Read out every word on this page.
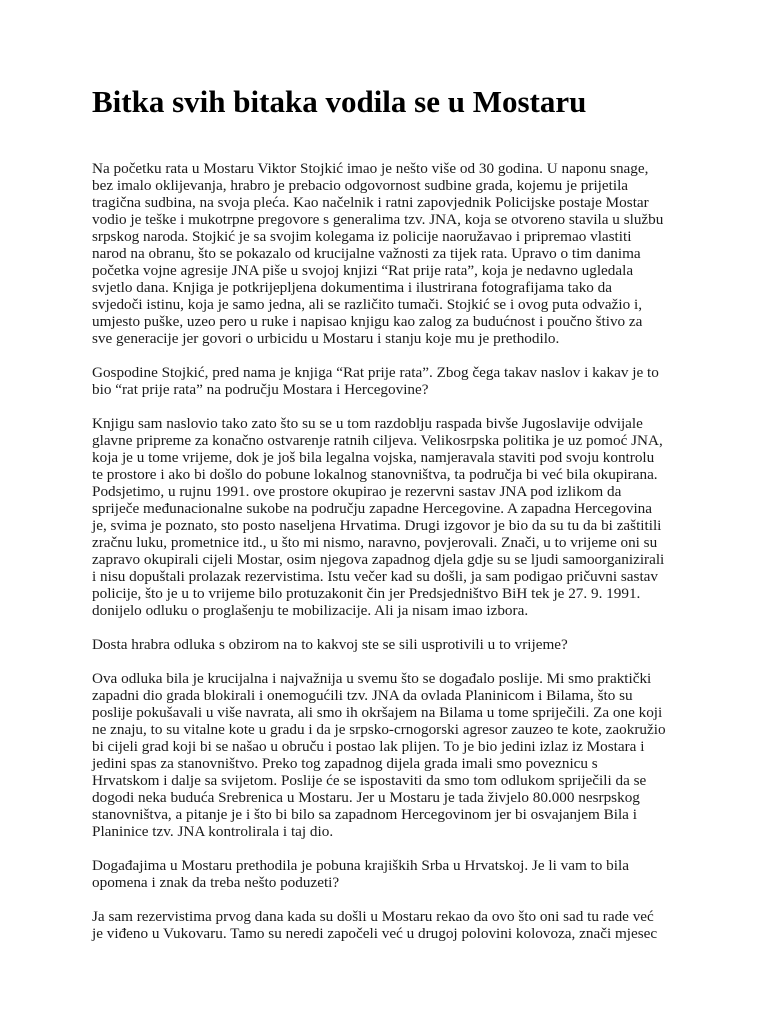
Bitka svih bitaka vodila se u Mostaru

Na početku rata u Mostaru Viktor Stojkić imao je nešto više od 30 godina. U naponu snage,
bez imalo oklijevanja, hrabro je prebacio odgovornost sudbine grada, kojemu je prijetila
tragična sudbina, na svoja pleća. Kao načelnik i ratni zapovjednik Policijske postaje Mostar
vodio je teške i mukotrpne pregovore s generalima tzv. JNA, koja se otvoreno stavila u službu
srpskog naroda. Stojkić je sa svojim kolegama iz policije naoružavao i pripremao vlastiti
narod na obranu, što se pokazalo od krucijalne važnosti za tijek rata. Upravo o tim danima
početka vojne agresije JNA piše u svojoj knjizi “Rat prije rata”, koja je nedavno ugledala
svjetlo dana. Knjiga je potkrijepljena dokumentima i ilustrirana fotografijama tako da
svjedoči istinu, koja je samo jedna, ali se različito tumači. Stojkić se i ovog puta odvažio i,
umjesto puške, uzeo pero u ruke i napisao knjigu kao zalog za budućnost i poučno štivo za
sve generacije jer govori o urbicidu u Mostaru i stanju koje mu je prethodilo.

Gospodine Stojkić, pred nama je knjiga “Rat prije rata”. Zbog čega takav naslov i kakav je to
bio “rat prije rata” na području Mostara i Hercegovine?

Knjigu sam naslovio tako zato što su se u tom razdoblju raspada bivše Jugoslavije odvijale
glavne pripreme za konačno ostvarenje ratnih ciljeva. Velikosrpska politika je uz pomoć JNA,
koja je u tome vrijeme, dok je još bila legalna vojska, namjeravala staviti pod svoju kontrolu
te prostore i ako bi došlo do pobune lokalnog stanovništva, ta područja bi već bila okupirana.
Podsjetimo, u rujnu 1991. ove prostore okupirao je rezervni sastav JNA pod izlikom da
spriječe međunacionalne sukobe na području zapadne Hercegovine. A zapadna Hercegovina
je, svima je poznato, sto posto naseljena Hrvatima. Drugi izgovor je bio da su tu da bi zaštitili
zračnu luku, prometnice itd., u što mi nismo, naravno, povjerovali. Znači, u to vrijeme oni su
zapravo okupirali cijeli Mostar, osim njegova zapadnog djela gdje su se ljudi samoorganizirali
i nisu dopuštali prolazak rezervistima. Istu večer kad su došli, ja sam podigao pričuvni sastav
policije, što je u to vrijeme bilo protuzakonit čin jer Predsjedništvo BiH tek je 27. 9. 1991.
donijelo odluku o proglašenju te mobilizacije. Ali ja nisam imao izbora.

Dosta hrabra odluka s obzirom na to kakvoj ste se sili usprotivili u to vrijeme?

Ova odluka bila je krucijalna i najvažnija u svemu što se događalo poslije. Mi smo praktički
zapadni dio grada blokirali i onemogućili tzv. JNA da ovlada Planinicom i Bilama, što su
poslije pokušavali u više navrata, ali smo ih okršajem na Bilama u tome spriječili. Za one koji
ne znaju, to su vitalne kote u gradu i da je srpsko-crnogorski agresor zauzeo te kote, zaokružio
bi cijeli grad koji bi se našao u obruču i postao lak plijen. To je bio jedini izlaz iz Mostara i
jedini spas za stanovništvo. Preko tog zapadnog dijela grada imali smo poveznicu s
Hrvatskom i dalje sa svijetom. Poslije će se ispostaviti da smo tom odlukom spriječili da se
dogodi neka buduća Srebrenica u Mostaru. Jer u Mostaru je tada živjelo 80.000 nesrpskog
stanovništva, a pitanje je i što bi bilo sa zapadnom Hercegovinom jer bi osvajanjem Bila i
Planinice tzv. JNA kontrolirala i taj dio.

Događajima u Mostaru prethodila je pobuna krajiških Srba u Hrvatskoj. Je li vam to bila
opomena i znak da treba nešto poduzeti?

Ja sam rezervistima prvog dana kada su došli u Mostaru rekao da ovo što oni sad tu rade već
je viđeno u Vukovaru. Tamo su neredi započeli već u drugoj polovini kolovoza, znači mjesec
